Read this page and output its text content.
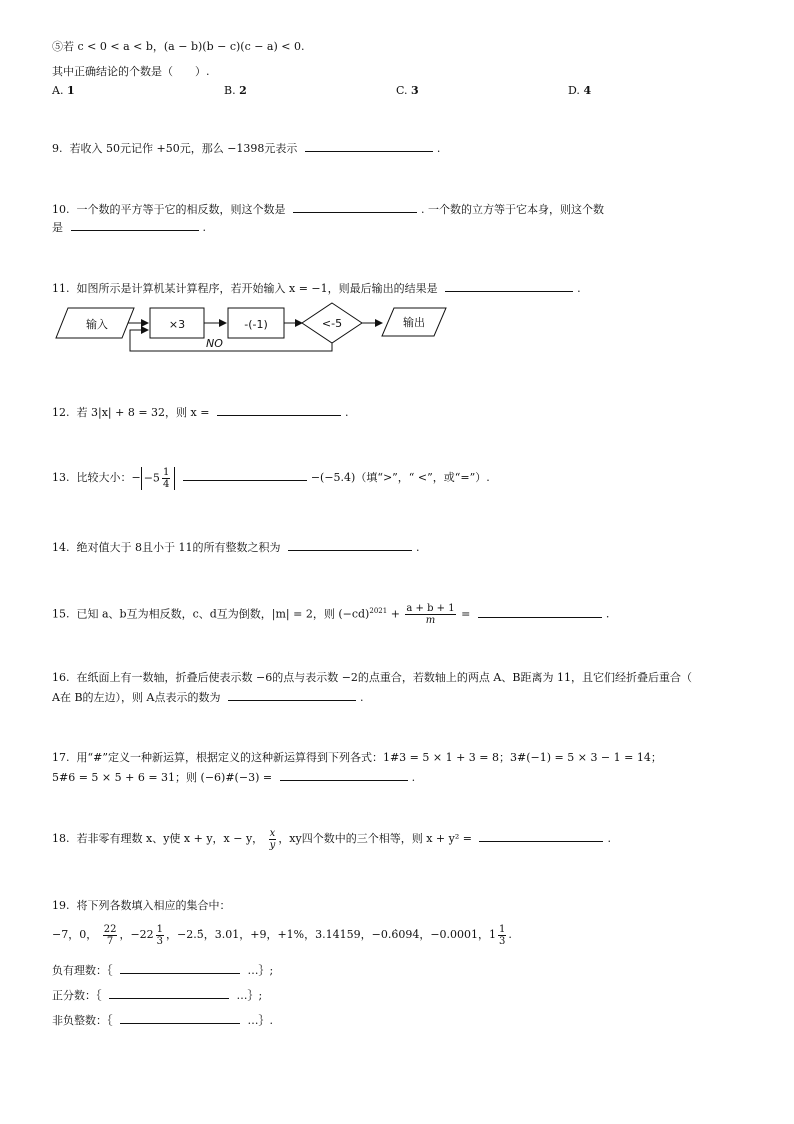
⑤若 c < 0 < a < b，(a − b)(b − c)(c − a) < 0.
其中正确结论的个数是（　　）.
A. 1	B. 2	C. 3	D. 4
9. 若收入 50元记作 +50元，那么 −1398元表示	.
10. 一个数的平方等于它的相反数，则这个数是	. 一个数的立方等于它本身，则这个数
是	.
11. 如图所示是计算机某计算程序，若开始输入 x = −1，则最后输出的结果是	.
输入	×3	-(-1)	<-5	输出
NO
12. 若 3|x| + 8 = 32，则 x =	.
13. 比较大小：− $-5 \frac{1}{4}$	−(−5.4)（填“>”，“ <”，或“=”）.
14. 绝对值大于 8且小于 11的所有整数之积为	.
15. 已知 a、b互为相反数，c、d互为倒数，|m| = 2，则 $(-cd)^{2021} + \frac{a + b + 1}{m}$ =	.
16. 在纸面上有一数轴，折叠后使表示数 −6的点与表示数 −2的点重合，若数轴上的两点 A、B距离为 11，且它们经折叠后重合（
A在 B的左边），则 A点表示的数为	.
17. 用“#”定义一种新运算，根据定义的这种新运算得到下列各式：1#3 = 5 × 1 + 3 = 8；3#(−1) = 5 × 3 − 1 = 14；
5#6 = 5 × 5 + 6 = 31；则 (−6)#(−3) =	.
18. 若非零有理数 x、y使 x + y，x − y， $\frac{x}{y}$ ，xy四个数中的三个相等，则 x + y² =	.
19. 将下列各数填入相应的集合中：
−7，0， $\frac{22}{7}$ ，$-22 \frac{1}{3}$ ，−2.5̇，3.01，+9，+1%，3.14159，−0.6̇094̇，−0.0001，$1 \frac{1}{3}$ .
负有理数：｛	…｝;
正分数：｛	…｝;
非负整数：｛	…｝.
